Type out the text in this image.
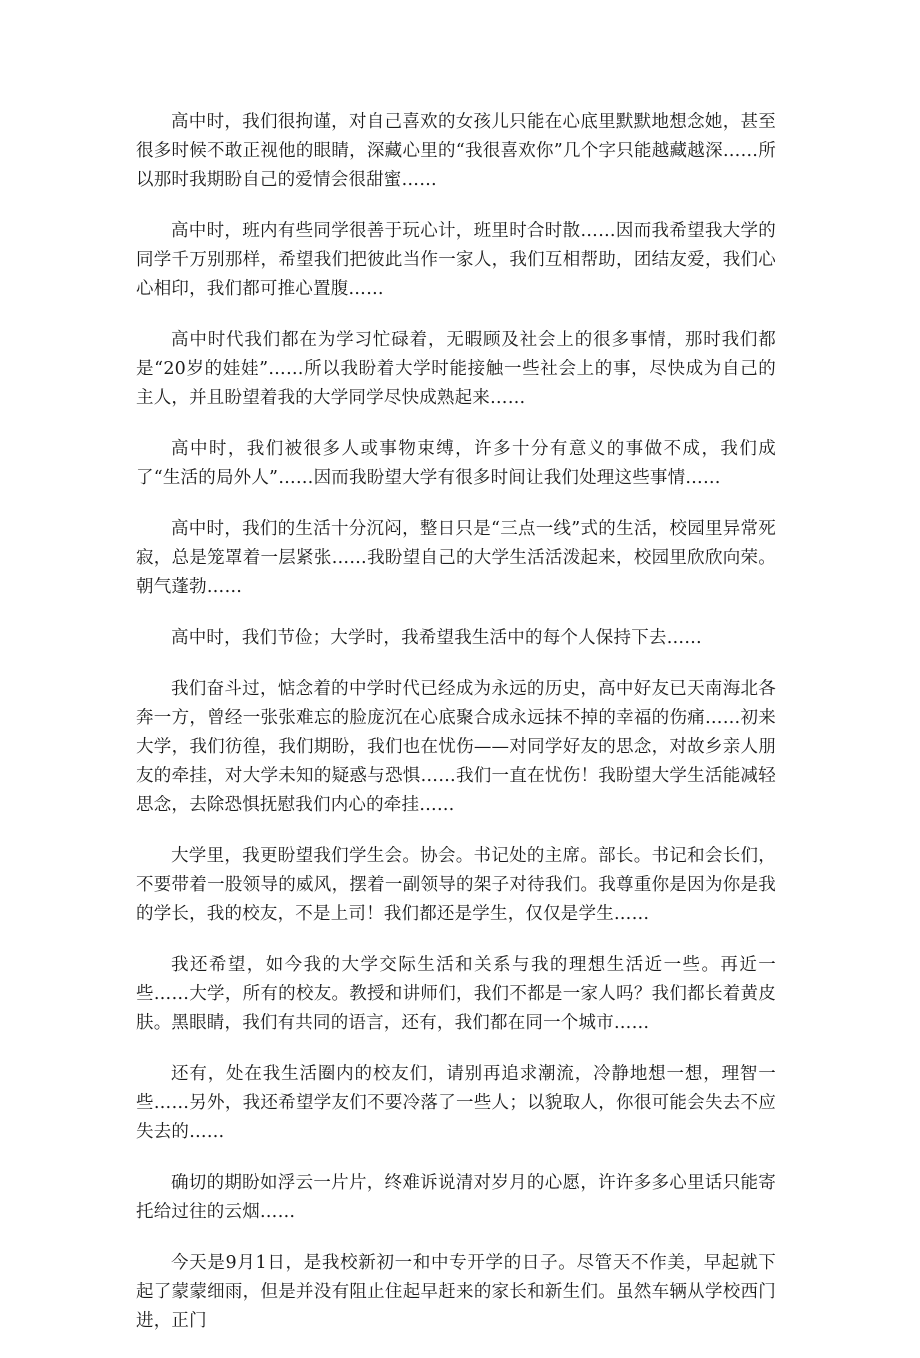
高中时，我们很拘谨，对自己喜欢的女孩儿只能在心底里默默地想念她，甚至很多时候不敢正视他的眼睛，深藏心里的“我很喜欢你”几个字只能越藏越深……所以那时我期盼自己的爱情会很甜蜜……

高中时，班内有些同学很善于玩心计，班里时合时散……因而我希望我大学的同学千万别那样，希望我们把彼此当作一家人，我们互相帮助，团结友爱，我们心心相印，我们都可推心置腹……

高中时代我们都在为学习忙碌着，无暇顾及社会上的很多事情，那时我们都是“20岁的娃娃”……所以我盼着大学时能接触一些社会上的事，尽快成为自己的主人，并且盼望着我的大学同学尽快成熟起来……

高中时，我们被很多人或事物束缚，许多十分有意义的事做不成，我们成了“生活的局外人”……因而我盼望大学有很多时间让我们处理这些事情……

高中时，我们的生活十分沉闷，整日只是“三点一线”式的生活，校园里异常死寂，总是笼罩着一层紧张……我盼望自己的大学生活活泼起来，校园里欣欣向荣。朝气蓬勃……

高中时，我们节俭；大学时，我希望我生活中的每个人保持下去……

我们奋斗过，惦念着的中学时代已经成为永远的历史，高中好友已天南海北各奔一方，曾经一张张难忘的脸庞沉在心底聚合成永远抹不掉的幸福的伤痛……初来大学，我们彷徨，我们期盼，我们也在忧伤——对同学好友的思念，对故乡亲人朋友的牵挂，对大学未知的疑惑与恐惧……我们一直在忧伤！我盼望大学生活能减轻思念，去除恐惧抚慰我们内心的牵挂……

大学里，我更盼望我们学生会。协会。书记处的主席。部长。书记和会长们，不要带着一股领导的威风，摆着一副领导的架子对待我们。我尊重你是因为你是我的学长，我的校友，不是上司！我们都还是学生，仅仅是学生……

我还希望，如今我的大学交际生活和关系与我的理想生活近一些。再近一些……大学，所有的校友。教授和讲师们，我们不都是一家人吗？我们都长着黄皮肤。黑眼睛，我们有共同的语言，还有，我们都在同一个城市……

还有，处在我生活圈内的校友们，请别再追求潮流，冷静地想一想，理智一些……另外，我还希望学友们不要冷落了一些人；以貌取人，你很可能会失去不应失去的……

确切的期盼如浮云一片片，终难诉说清对岁月的心愿，许许多多心里话只能寄托给过往的云烟……

今天是9月1日，是我校新初一和中专开学的日子。尽管天不作美，早起就下起了蒙蒙细雨，但是并没有阻止住起早赶来的家长和新生们。虽然车辆从学校西门进，正门
